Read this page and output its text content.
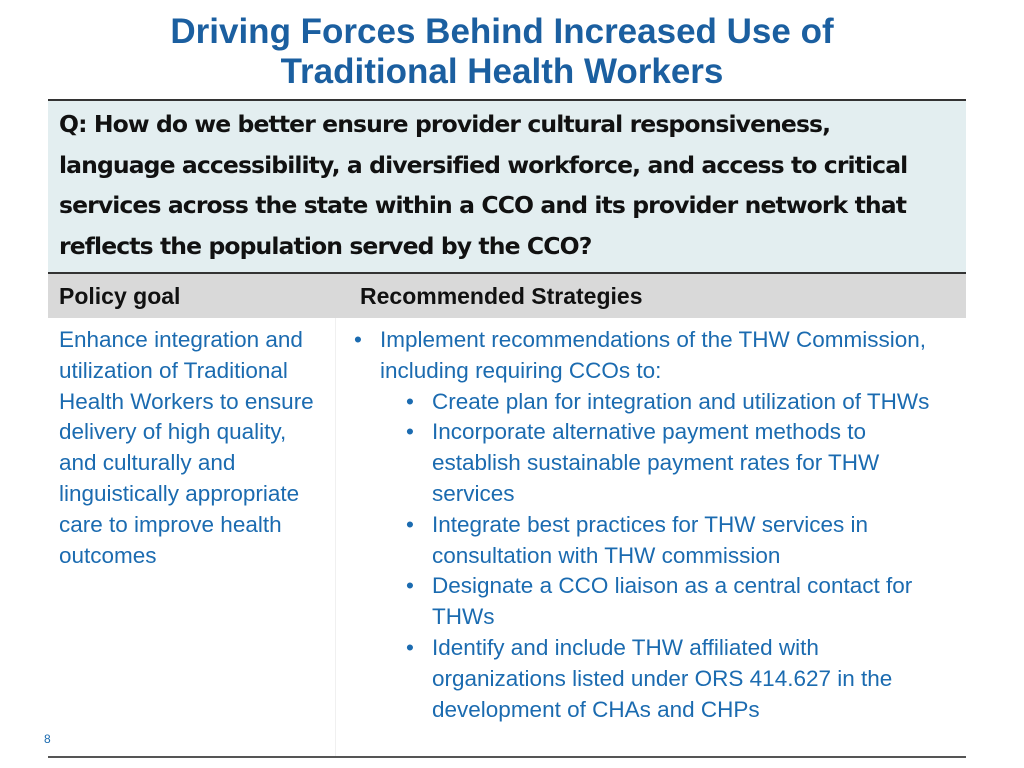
Driving Forces Behind Increased Use of
Traditional Health Workers

Q: How do we better ensure provider cultural responsiveness, language accessibility, a diversified workforce, and access to critical services across the state within a CCO and its provider network that reflects the population served by the CCO?

Policy goal	Recommended Strategies
Enhance integration and utilization of Traditional Health Workers to ensure delivery of high quality, and culturally and linguistically appropriate care to improve health outcomes
• Implement recommendations of the THW Commission, including requiring CCOs to:
• Create plan for integration and utilization of THWs
• Incorporate alternative payment methods to establish sustainable payment rates for THW services
• Integrate best practices for THW services in consultation with THW commission
• Designate a CCO liaison as a central contact for THWs
• Identify and include THW affiliated with organizations listed under ORS 414.627 in the development of CHAs and CHPs
8
